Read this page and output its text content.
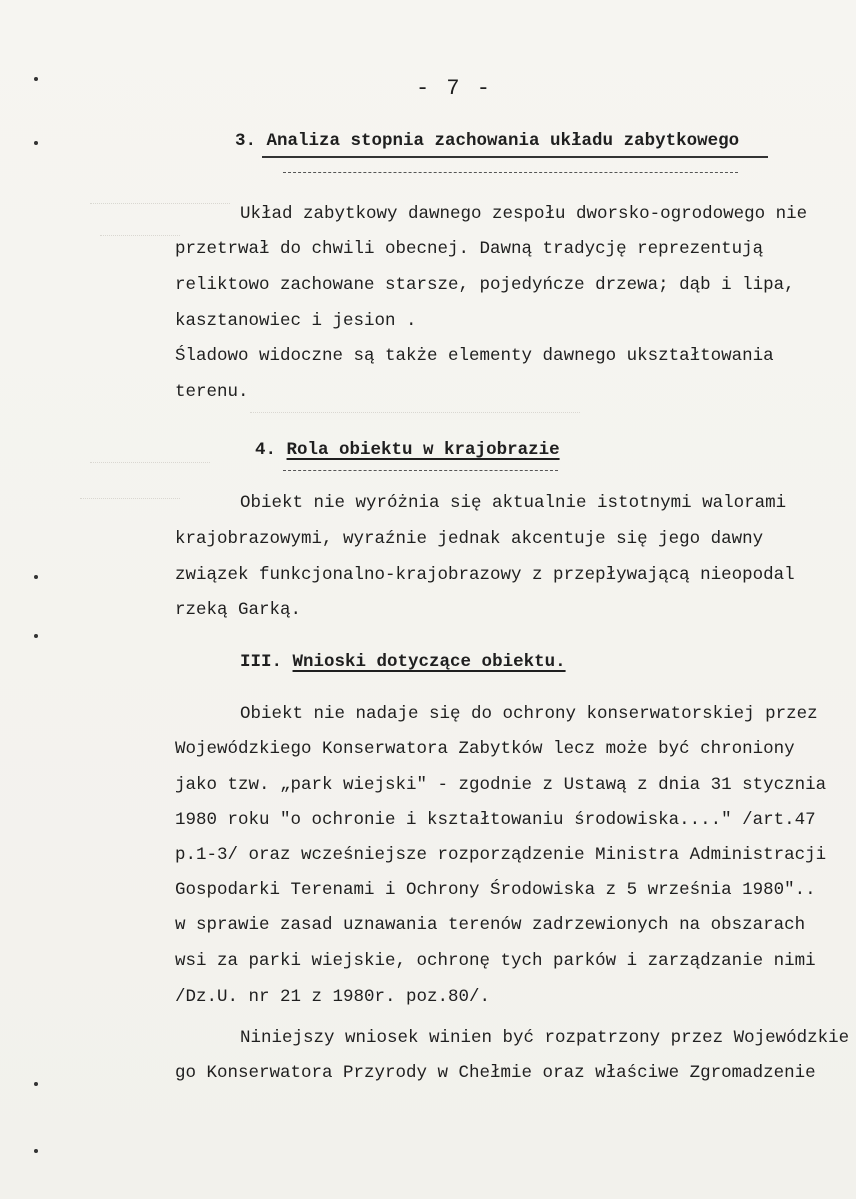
- 7 -
3. Analiza stopnia zachowania układu zabytkowego
Układ zabytkowy dawnego zespołu dworsko-ogrodowego nie
przetrwał do chwili obecnej. Dawną tradycję reprezentują
reliktowo zachowane starsze, pojedyńcze drzewa; dąb i lipa,
kasztanowiec i jesion .
Śladowo widoczne są także elementy dawnego ukształtowania
terenu.
4. Rola obiektu w krajobrazie
Obiekt nie wyróżnia się aktualnie istotnymi walorami
krajobrazowymi, wyraźnie jednak akcentuje się jego dawny
związek funkcjonalno-krajobrazowy z przepływającą nieopodal
rzeką Garką.
III. Wnioski dotyczące obiektu.
Obiekt nie nadaje się do ochrony konserwatorskiej przez
Wojewódzkiego Konserwatora Zabytków lecz może być chroniony
jako tzw. „park wiejski" - zgodnie z Ustawą z dnia 31 stycznia
1980 roku "o ochronie i kształtowaniu środowiska...." /art.47
p.1-3/ oraz wcześniejsze rozporządzenie Ministra Administracji
Gospodarki Terenami i Ochrony Środowiska z 5 września 1980"..
w sprawie zasad uznawania terenów zadrzewionych na obszarach
wsi za parki wiejskie, ochronę tych parków i zarządzanie nimi
/Dz.U. nr 21 z 1980r. poz.80/.
Niniejszy wniosek winien być rozpatrzony przez Wojewódzkie
go Konserwatora Przyrody w Chełmie oraz właściwe Zgromadzenie
